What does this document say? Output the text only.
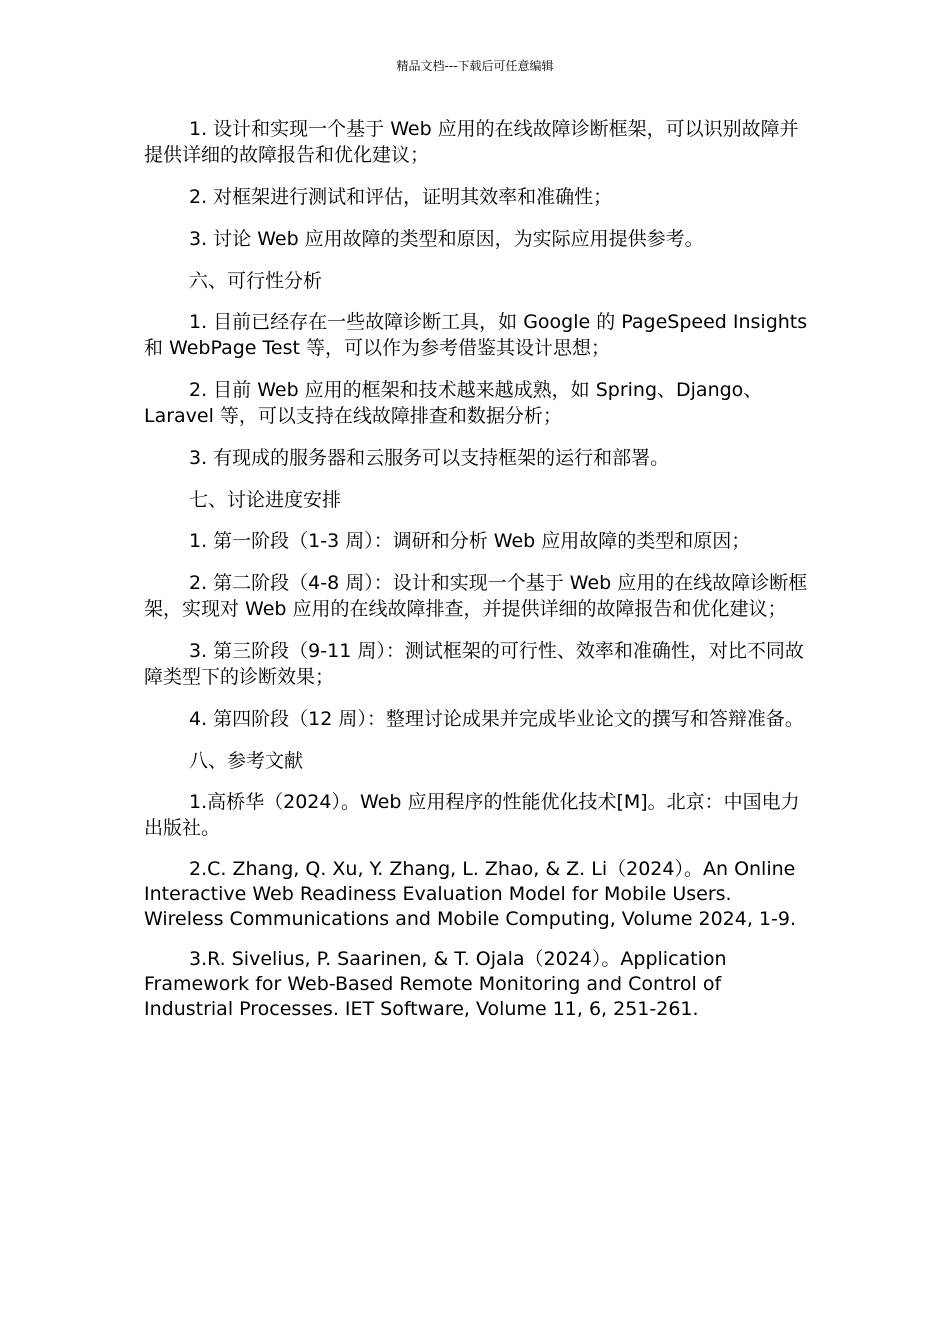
精品文档---下载后可任意编辑

1. 设计和实现一个基于 Web 应用的在线故障诊断框架，可以识别故障并提供详细的故障报告和优化建议；

2. 对框架进行测试和评估，证明其效率和准确性；

3. 讨论 Web 应用故障的类型和原因，为实际应用提供参考。

六、可行性分析

1. 目前已经存在一些故障诊断工具，如 Google 的 PageSpeed Insights 和 WebPage Test 等，可以作为参考借鉴其设计思想；

2. 目前 Web 应用的框架和技术越来越成熟，如 Spring、Django、Laravel 等，可以支持在线故障排查和数据分析；

3. 有现成的服务器和云服务可以支持框架的运行和部署。

七、讨论进度安排

1. 第一阶段（1-3 周）：调研和分析 Web 应用故障的类型和原因；

2. 第二阶段（4-8 周）：设计和实现一个基于 Web 应用的在线故障诊断框架，实现对 Web 应用的在线故障排查，并提供详细的故障报告和优化建议；

3. 第三阶段（9-11 周）：测试框架的可行性、效率和准确性，对比不同故障类型下的诊断效果；

4. 第四阶段（12 周）：整理讨论成果并完成毕业论文的撰写和答辩准备。

八、参考文献

1.高桥华（2024）。Web 应用程序的性能优化技术[M]。北京：中国电力出版社。

2.C. Zhang, Q. Xu, Y. Zhang, L. Zhao, & Z. Li（2024）。An Online Interactive Web Readiness Evaluation Model for Mobile Users. Wireless Communications and Mobile Computing, Volume 2024, 1-9.

3.R. Sivelius, P. Saarinen, & T. Ojala（2024）。Application Framework for Web-Based Remote Monitoring and Control of Industrial Processes. IET Software, Volume 11, 6, 251-261.
